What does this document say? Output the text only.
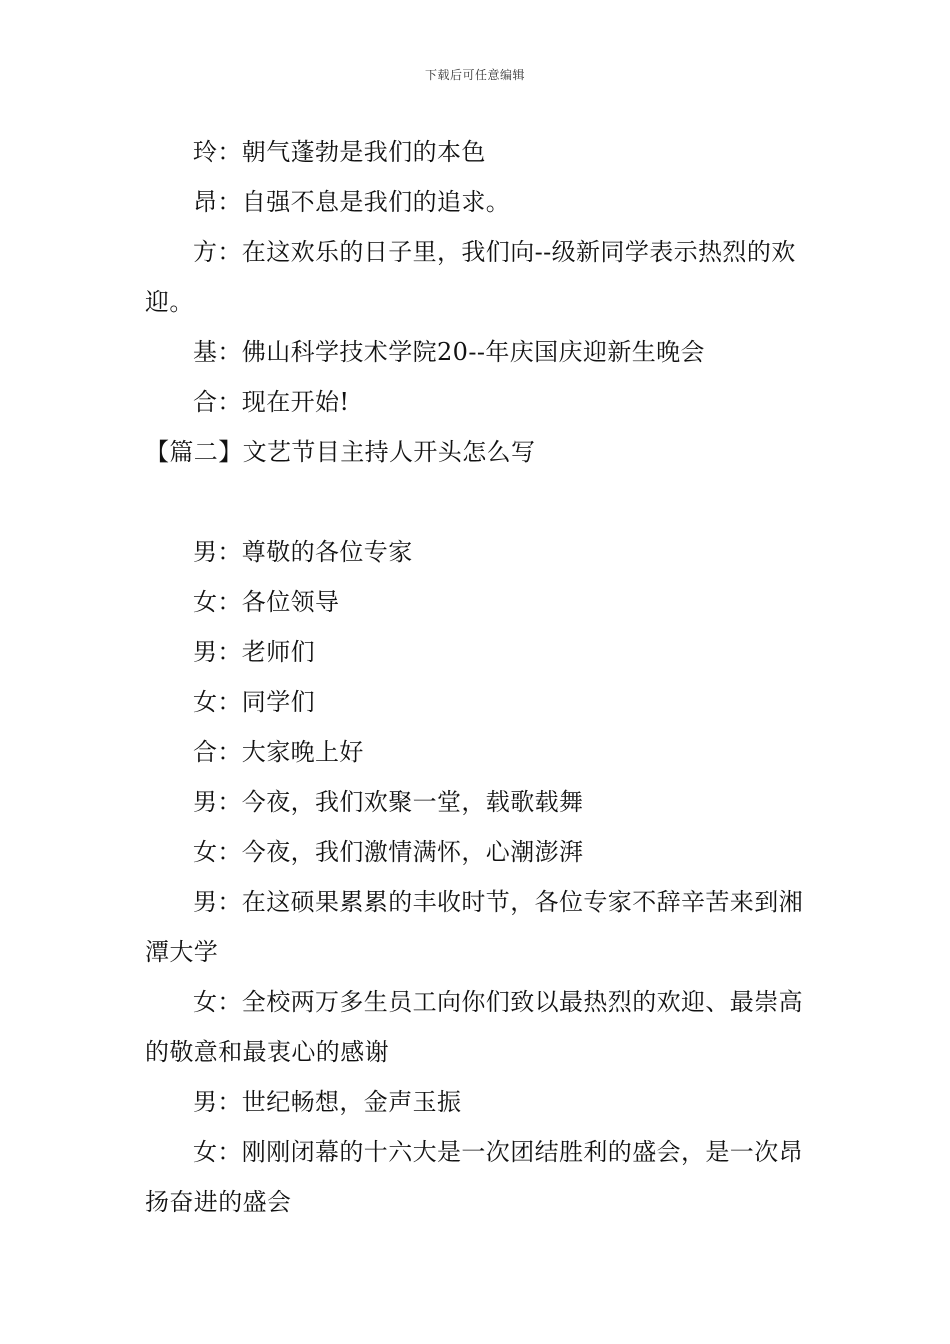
下载后可任意编辑

玲：朝气蓬勃是我们的本色

昂：自强不息是我们的追求。

方：在这欢乐的日子里，我们向--级新同学表示热烈的欢迎。

基：佛山科学技术学院20--年庆国庆迎新生晚会

合：现在开始!

【篇二】文艺节目主持人开头怎么写

男：尊敬的各位专家

女：各位领导

男：老师们

女：同学们

合：大家晚上好

男：今夜，我们欢聚一堂，载歌载舞

女：今夜，我们激情满怀，心潮澎湃

男：在这硕果累累的丰收时节，各位专家不辞辛苦来到湘潭大学

女：全校两万多生员工向你们致以最热烈的欢迎、最崇高的敬意和最衷心的感谢

男：世纪畅想，金声玉振

女：刚刚闭幕的十六大是一次团结胜利的盛会，是一次昂扬奋进的盛会
